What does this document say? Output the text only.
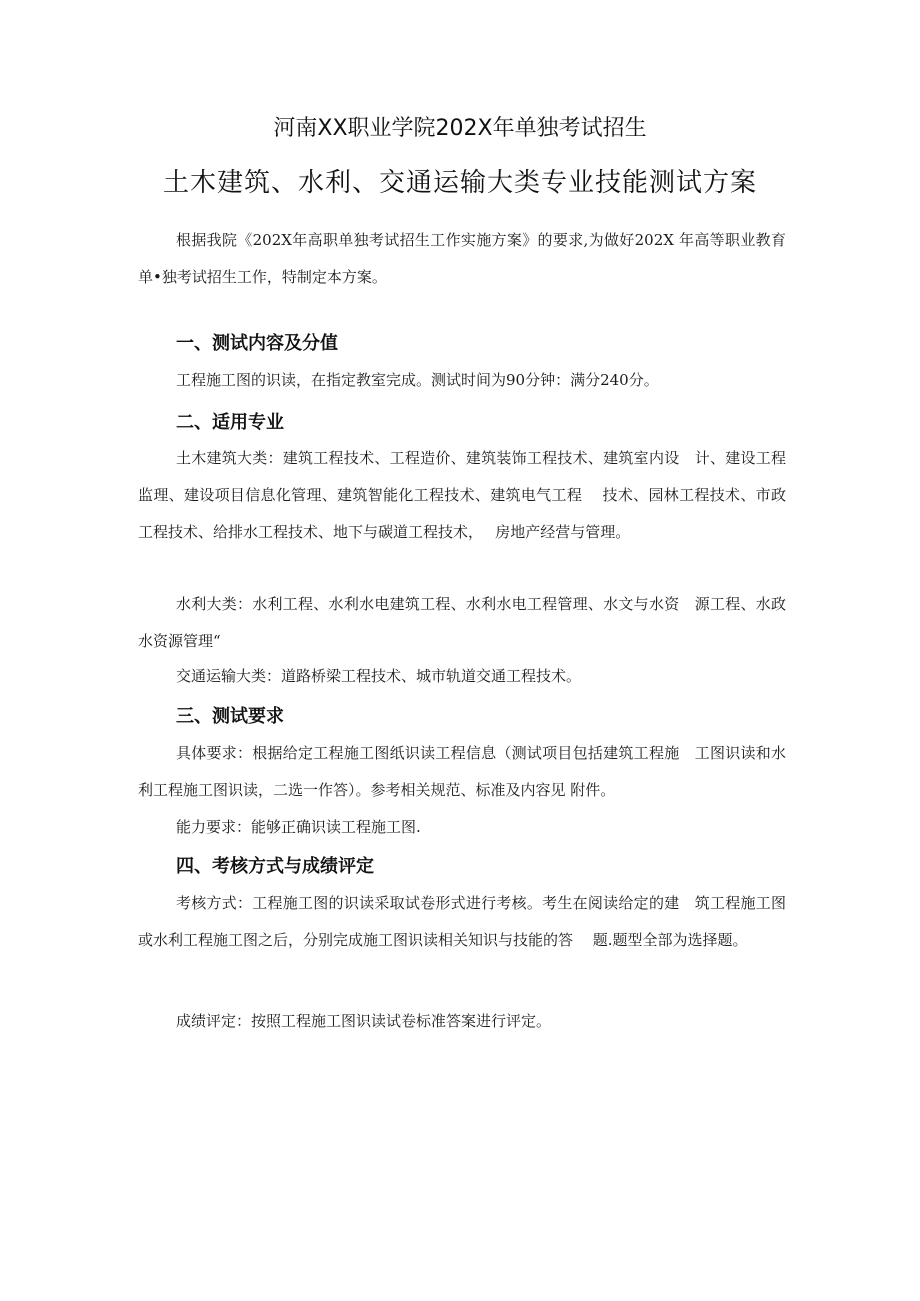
河南XX职业学院202X年单独考试招生
土木建筑、水利、交通运输大类专业技能测试方案

根据我院《202X年高职单独考试招生工作实施方案》的要求,为做好202X 年高等职业教育单•独考试招生工作，特制定本方案。

一、测试内容及分值

工程施工图的识读，在指定教室完成。测试时间为90分钟：满分240分。

二、适用专业

土木建筑大类：建筑工程技术、工程造价、建筑装饰工程技术、建筑室内设　计、建设工程监理、建设项目信息化管理、建筑智能化工程技术、建筑电气工程　 技术、园林工程技术、市政工程技术、给排水工程技术、地下与碳道工程技术，　 房地产经营与管理。

水利大类：水利工程、水利水电建筑工程、水利水电工程管理、水文与水资　源工程、水政水资源管理“

交通运输大类：道路桥梁工程技术、城市轨道交通工程技术。

三、测试要求

具体要求：根据给定工程施工图纸识读工程信息（测试项目包括建筑工程施　工图识读和水利工程施工图识读，二选一作答）。参考相关规范、标准及内容见 附件。

能力要求：能够正确识读工程施工图.

四、考核方式与成绩评定

考核方式：工程施工图的识读采取试卷形式进行考核。考生在阅读给定的建　筑工程施工图或水利工程施工图之后，分别完成施工图识读相关知识与技能的答　 题.题型全部为选择题。

成绩评定：按照工程施工图识读试卷标准答案进行评定。
